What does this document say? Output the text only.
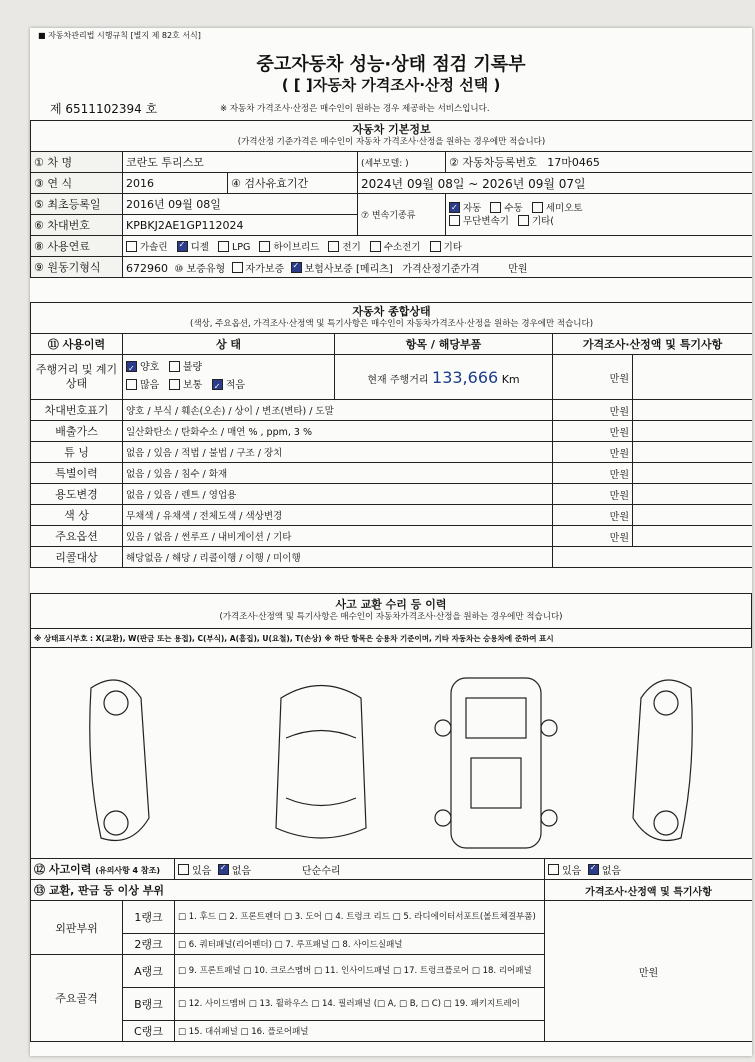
■ 자동차관리법 시행규칙 [별지 제 82호 서식]
중고자동차 성능·상태 점검 기록부
( [ ]자동차 가격조사·산정 선택 )
제 6511102394 호	※ 자동차 가격조사·산정은 매수인이 원하는 경우 제공하는 서비스입니다.
자동차 기본정보
(가격산정 기준가격은 매수인이 자동차 가격조사·산정을 원하는 경우에만 적습니다)				

① 차 명	코란도 투리스모		(세부모델: )	② 자동차등록번호 17마0465
③ 연 식	2016	④ 검사유효기간	2024년 09월 08일 ~ 2026년 09월 07일	
⑤ 최초등록일	2016년 09월 08일		⑦ 변속기종류	✓자동 수동 세미오토
무단변속기 기타(
⑥ 차대번호	KPBKJ2AE1GP112024			
⑧ 사용연료	가솔린 ✓ 디젤 LPG 하이브리드 전기 수소전기 기타
⑨ 원동기형식	672960 ⑩ 보증유형 자가보증 ✓ 보험사보증 [메리츠] 가격산정기준가격 만원
자동차 종합상태
(색상, 주요옵션, 가격조사·산정액 및 특기사항은 매수인이 자동차가격조사·산정을 원하는 경우에만 적습니다)				

⑪ 사용이력	상 태	항목 / 해당부품	가격조사·산정액 및 특기사항	
주행거리 및 계기상태	✓양호   불량
많음   보통   ✓적음	현재 주행거리 133,666 Km	만원	
차대번호표기	양호 / 부식 / 훼손(오손) / 상이 / 변조(변타) / 도말		만원	
배출가스	일산화탄소 / 탄화수소 / 매연 % , ppm, 3 %		만원	
튜 닝	없음 / 있음 / 적법 / 불법 / 구조 / 장치		만원	
특별이력	없음 / 있음 / 침수 / 화재		만원	
용도변경	없음 / 있음 / 렌트 / 영업용		만원	
색 상	무채색 / 유채색 / 전체도색 / 색상변경		만원	
주요옵션	있음 / 없음 / 썬루프 / 내비게이션 / 기타		만원	
리콜대상	해당없음 / 해당 / 리콜이행 / 이행 / 미이행			
사고 교환 수리 등 이력
(가격조사·산정액 및 특기사항은 매수인이 자동차가격조사·산정을 원하는 경우에만 적습니다)

※ 상태표시부호 : X(교환), W(판금 또는 용접), C(부식), A(흠집), U(요철), T(손상) ※ 하단 항목은 승용차 기준이며, 기타 자동차는 승용차에 준하여 표시
⑫ 사고이력 (유의사항 4 참조)		있음 ✓ 없음 단순수리	있음 ✓ 없음
⑬ 교환, 판금 등 이상 부위			가격조사·산정액 및 특기사항
외판부위	1랭크	□ 1. 후드 □ 2. 프론트펜더 □ 3. 도어 □ 4. 트렁크 리드 □ 5. 라디에이터서포트(볼트체결부품)	만원
	2랭크	□ 6. 쿼터패널(리어펜더) □ 7. 루프패널 □ 8. 사이드실패널	
주요골격	A랭크	□ 9. 프론트패널 □ 10. 크로스멤버 □ 11. 인사이드패널 □ 17. 트렁크플로어 □ 18. 리어패널	
	B랭크	□ 12. 사이드멤버 □ 13. 휠하우스 □ 14. 필러패널 (□ A, □ B, □ C) □ 19. 패키지트레이	
	C랭크	□ 15. 대쉬패널 □ 16. 플로어패널	
